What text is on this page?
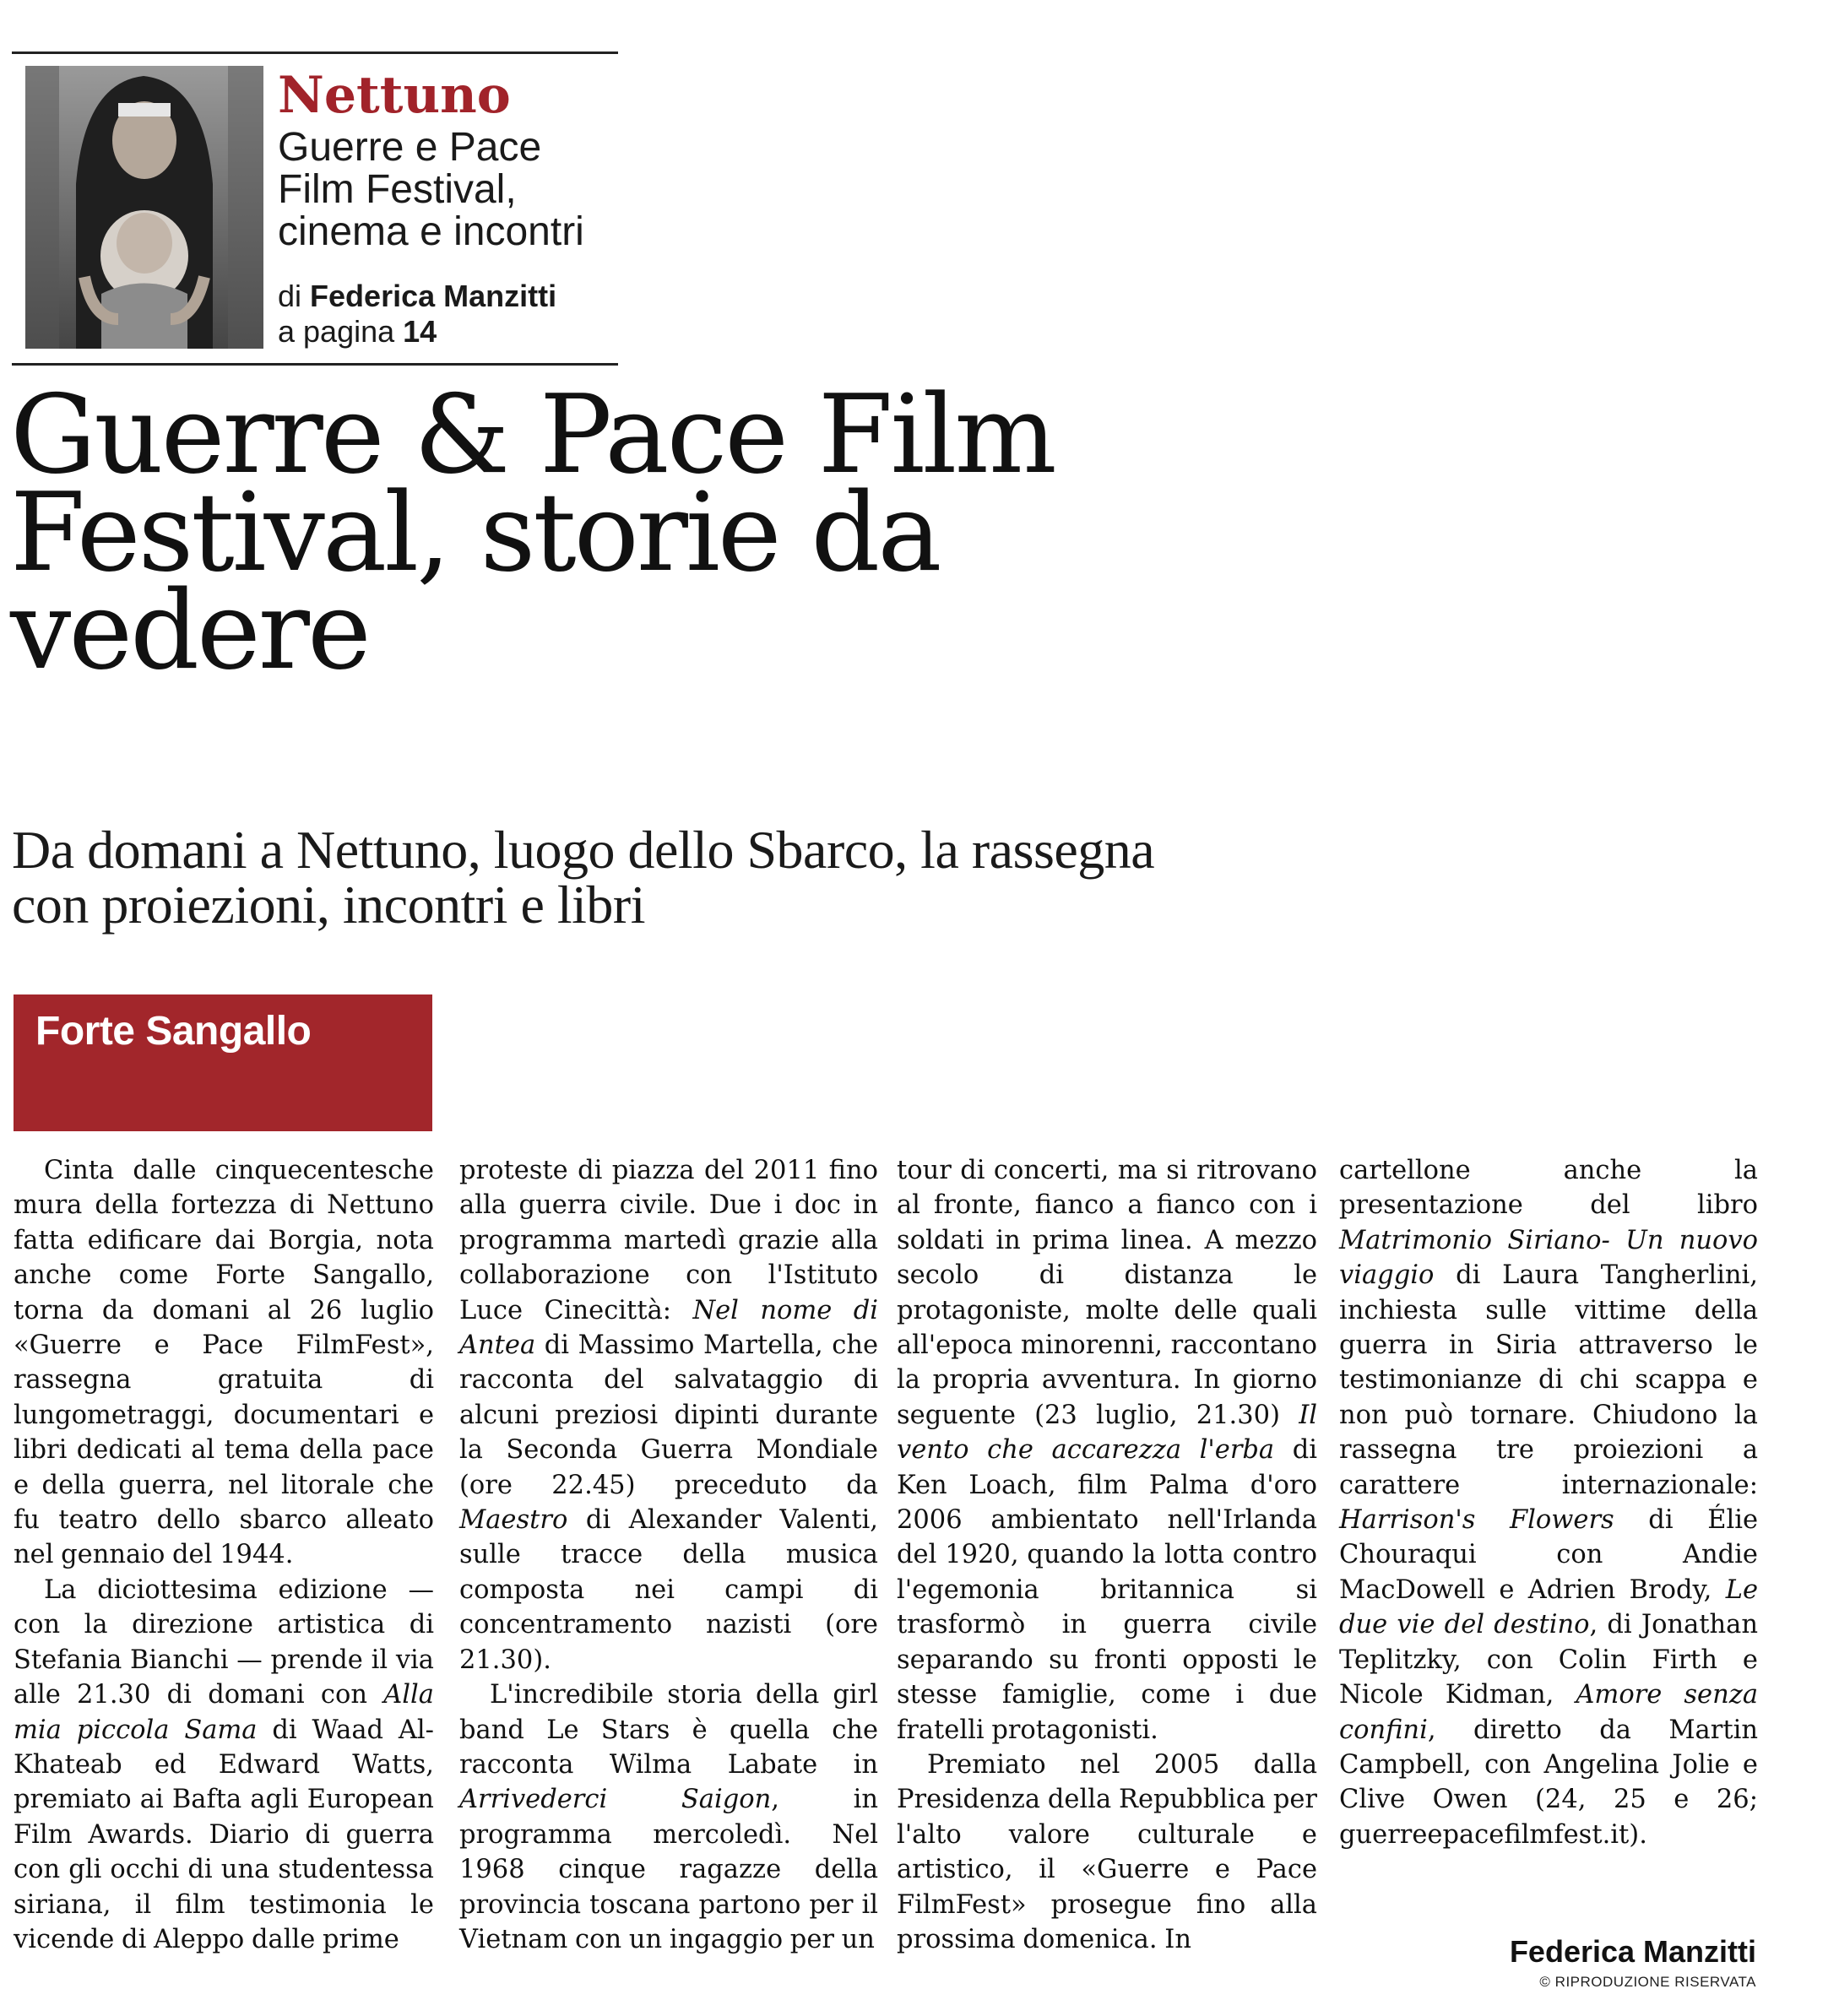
Nettuno

Guerre e Pace Film Festival, cinema e incontri

di Federica Manzitti
a pagina 14
Guerre & Pace Film Festival, storie da vedere

Da domani a Nettuno, luogo dello Sbarco, la rassegna con proiezioni, incontri e libri

Forte Sangallo

Cinta dalle cinquecentesche mura della fortezza di Nettuno fatta edificare dai Borgia, nota anche come Forte Sangallo, torna da domani al 26 luglio «Guerre e Pace FilmFest», rassegna	gratuita	di lungometraggi, documentari e libri dedicati al tema della pace e della guerra, nel litorale che fu teatro dello sbarco alleato nel gennaio del 1944.

La diciottesima edizione — con la direzione artistica di Stefania Bianchi — prende il via alle 21.30 di domani con Alla mia piccola Sama di Waad Al-Khateab ed Edward Watts, premiato ai Bafta agli European Film Awards. Diario di guerra con gli occhi di una studentessa siriana, il film testimonia le vicende di Aleppo dalle prime

proteste di piazza del 2011 fino alla guerra civile. Due i doc in programma martedì grazie alla collaborazione con l'Istituto Luce Cinecittà: Nel nome di Antea di Massimo Martella, che racconta del salvataggio di alcuni preziosi dipinti durante la Seconda Guerra Mondiale (ore 22.45) preceduto da Maestro di Alexander Valenti, sulle tracce della musica composta nei campi di concentramento nazisti (ore 21.30).

L'incredibile storia della girl band Le Stars è quella che racconta Wilma Labate in Arrivederci	Saigon,	in programma mercoledì. Nel 1968 cinque ragazze della provincia toscana partono per il Vietnam con un ingaggio per un

tour di concerti, ma si ritrovano al fronte, fianco a fianco con i soldati in prima linea. A mezzo secolo di distanza le protagoniste, molte delle quali all'epoca minorenni, raccontano la propria avventura. In giorno seguente (23 luglio, 21.30) Il vento che accarezza l'erba di Ken Loach, film Palma d'oro 2006 ambientato nell'Irlanda del 1920, quando la lotta contro l'egemonia britannica si trasformò in guerra civile separando su fronti opposti le stesse famiglie, come i due fratelli protagonisti.

Premiato nel 2005 dalla Presidenza della Repubblica per l'alto valore culturale e artistico, il «Guerre e Pace FilmFest» prosegue fino alla prossima domenica. In

cartellone	anche	la presentazione	del	libro Matrimonio Siriano- Un nuovo viaggio di Laura Tangherlini, inchiesta sulle vittime della guerra in Siria attraverso le testimonianze di chi scappa e non può tornare. Chiudono la rassegna tre proiezioni a carattere	internazionale: Harrison's Flowers di Élie Chouraqui	con	Andie MacDowell e Adrien Brody, Le due vie del destino, di Jonathan Teplitzky, con Colin Firth e Nicole Kidman, Amore senza confini, diretto da Martin Campbell, con Angelina Jolie e Clive Owen (24, 25 e 26; guerreepacefilmfest.it).

Federica Manzitti
© RIPRODUZIONE RISERVATA
